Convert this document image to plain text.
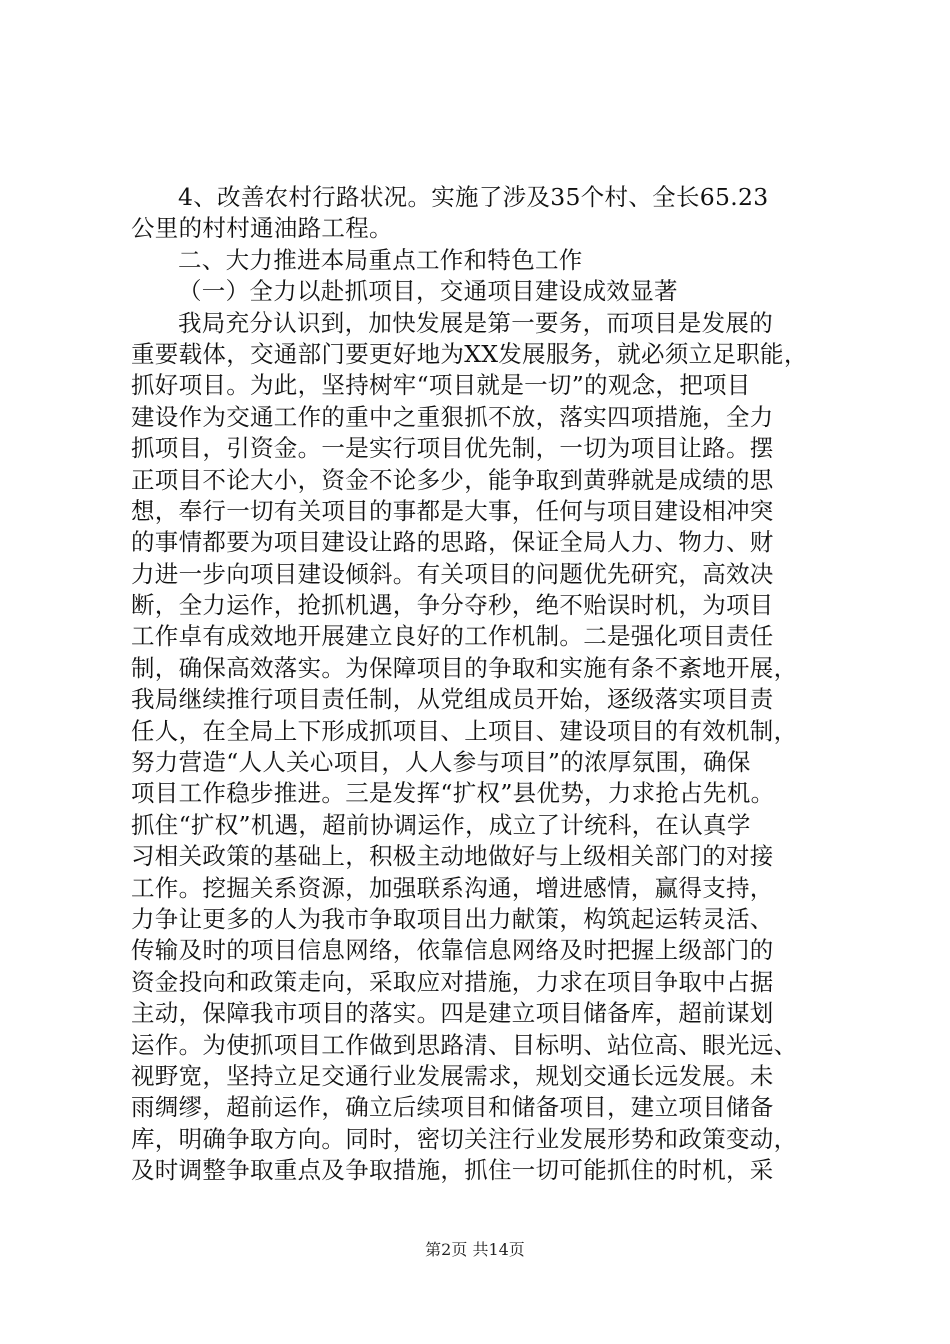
4、改善农村行路状况。实施了涉及35个村、全长65.23
公里的村村通油路工程。
二、大力推进本局重点工作和特色工作
（一）全力以赴抓项目，交通项目建设成效显著
我局充分认识到，加快发展是第一要务，而项目是发展的
重要载体，交通部门要更好地为XX发展服务，就必须立足职能，
抓好项目。为此，坚持树牢“项目就是一切”的观念，把项目
建设作为交通工作的重中之重狠抓不放，落实四项措施，全力
抓项目，引资金。一是实行项目优先制，一切为项目让路。摆
正项目不论大小，资金不论多少，能争取到黄骅就是成绩的思
想，奉行一切有关项目的事都是大事，任何与项目建设相冲突
的事情都要为项目建设让路的思路，保证全局人力、物力、财
力进一步向项目建设倾斜。有关项目的问题优先研究，高效决
断，全力运作，抢抓机遇，争分夺秒，绝不贻误时机，为项目
工作卓有成效地开展建立良好的工作机制。二是强化项目责任
制，确保高效落实。为保障项目的争取和实施有条不紊地开展，
我局继续推行项目责任制，从党组成员开始，逐级落实项目责
任人，在全局上下形成抓项目、上项目、建设项目的有效机制，
努力营造“人人关心项目，人人参与项目”的浓厚氛围，确保
项目工作稳步推进。三是发挥“扩权”县优势，力求抢占先机。
抓住“扩权”机遇，超前协调运作，成立了计统科，在认真学
习相关政策的基础上，积极主动地做好与上级相关部门的对接
工作。挖掘关系资源，加强联系沟通，增进感情，赢得支持，
力争让更多的人为我市争取项目出力献策，构筑起运转灵活、
传输及时的项目信息网络，依靠信息网络及时把握上级部门的
资金投向和政策走向，采取应对措施，力求在项目争取中占据
主动，保障我市项目的落实。四是建立项目储备库，超前谋划
运作。为使抓项目工作做到思路清、目标明、站位高、眼光远、
视野宽，坚持立足交通行业发展需求，规划交通长远发展。未
雨绸缪，超前运作，确立后续项目和储备项目，建立项目储备
库，明确争取方向。同时，密切关注行业发展形势和政策变动，
及时调整争取重点及争取措施，抓住一切可能抓住的时机，采
第2页 共14页
